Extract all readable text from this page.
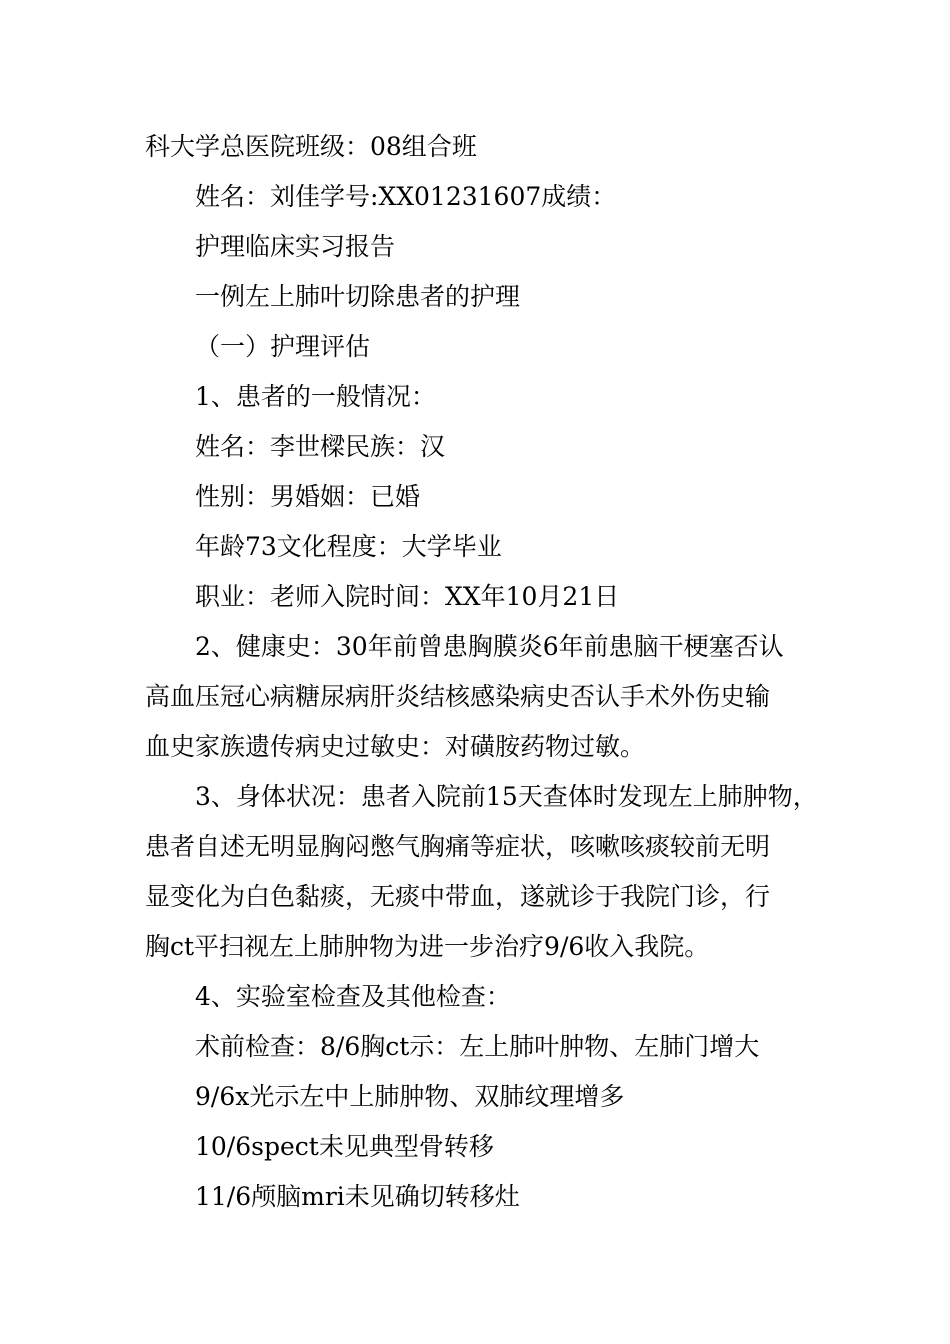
科大学总医院班级：08组合班
姓名：刘佳学号:XX01231607成绩：
护理临床实习报告
一例左上肺叶切除患者的护理
（一）护理评估
1、患者的一般情况：
姓名：李世樑民族：汉
性别：男婚姻：已婚
年龄73文化程度：大学毕业
职业：老师入院时间：XX年10月21日
2、健康史：30年前曾患胸膜炎6年前患脑干梗塞否认
高血压冠心病糖尿病肝炎结核感染病史否认手术外伤史输
血史家族遗传病史过敏史：对磺胺药物过敏。
3、身体状况：患者入院前15天查体时发现左上肺肿物，
患者自述无明显胸闷憋气胸痛等症状，咳嗽咳痰较前无明
显变化为白色黏痰，无痰中带血，遂就诊于我院门诊，行
胸ct平扫视左上肺肿物为进一步治疗9/6收入我院。
4、实验室检查及其他检查：
术前检查：8/6胸ct示：左上肺叶肿物、左肺门增大
9/6x光示左中上肺肿物、双肺纹理增多
10/6spect未见典型骨转移
11/6颅脑mri未见确切转移灶
